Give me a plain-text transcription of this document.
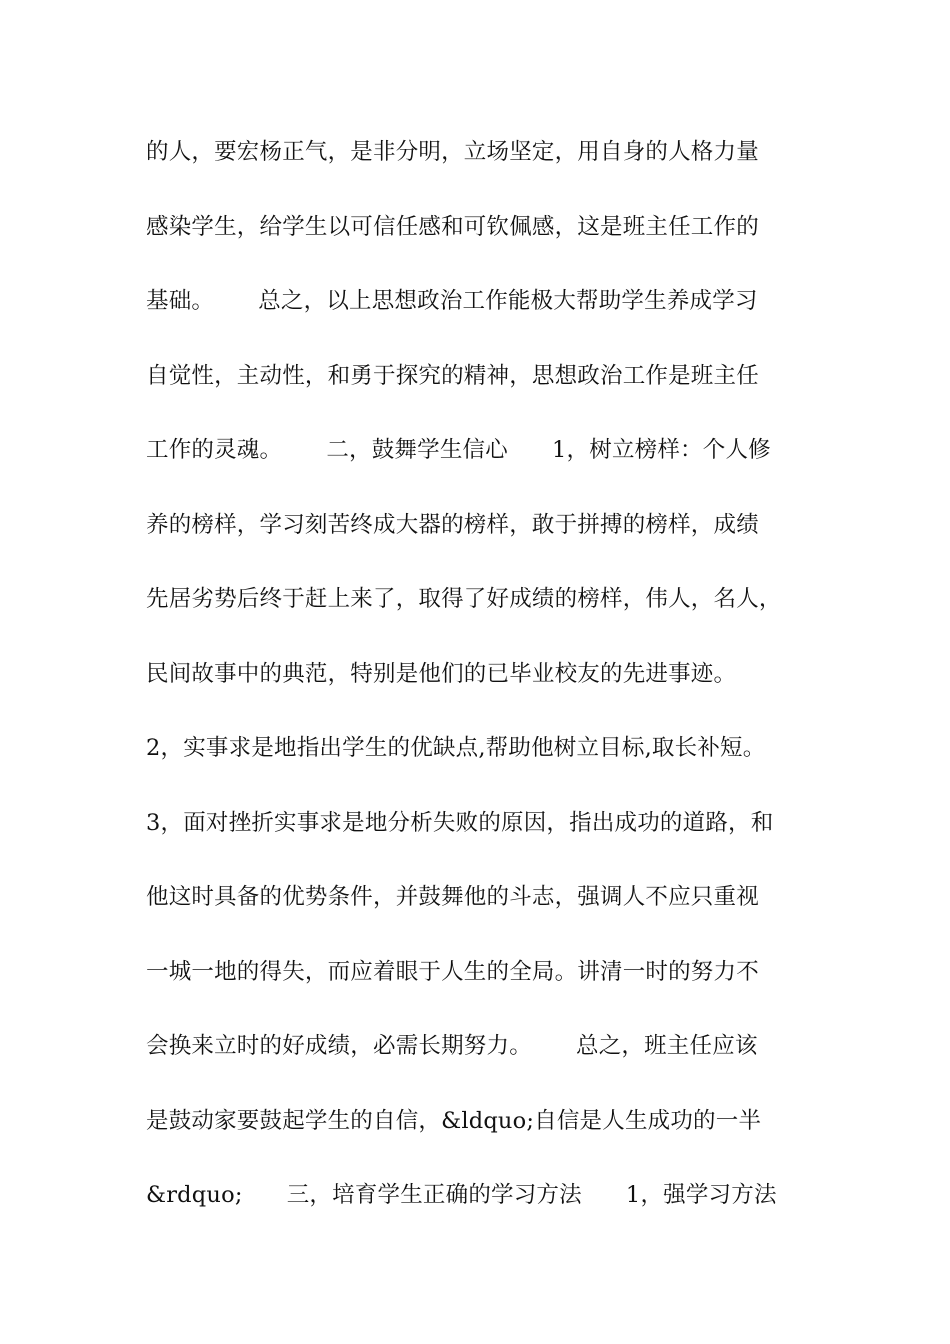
的人，要宏杨正气，是非分明，立场坚定，用自身的人格力量
感染学生，给学生以可信任感和可钦佩感，这是班主任工作的
基础。      总之，以上思想政治工作能极大帮助学生养成学习
自觉性，主动性，和勇于探究的精神，思想政治工作是班主任
工作的灵魂。      二，鼓舞学生信心      1，树立榜样：个人修
养的榜样，学习刻苦终成大器的榜样，敢于拼搏的榜样，成绩
先居劣势后终于赶上来了，取得了好成绩的榜样，伟人，名人，
民间故事中的典范，特别是他们的已毕业校友的先进事迹。
2，实事求是地指出学生的优缺点,帮助他树立目标,取长补短。
3，面对挫折实事求是地分析失败的原因，指出成功的道路，和
他这时具备的优势条件，并鼓舞他的斗志，强调人不应只重视
一城一地的得失，而应着眼于人生的全局。讲清一时的努力不
会换来立时的好成绩，必需长期努力。      总之，班主任应该
是鼓动家要鼓起学生的自信，&ldquo;自信是人生成功的一半
&rdquo;      三，培育学生正确的学习方法      1，强学习方法
